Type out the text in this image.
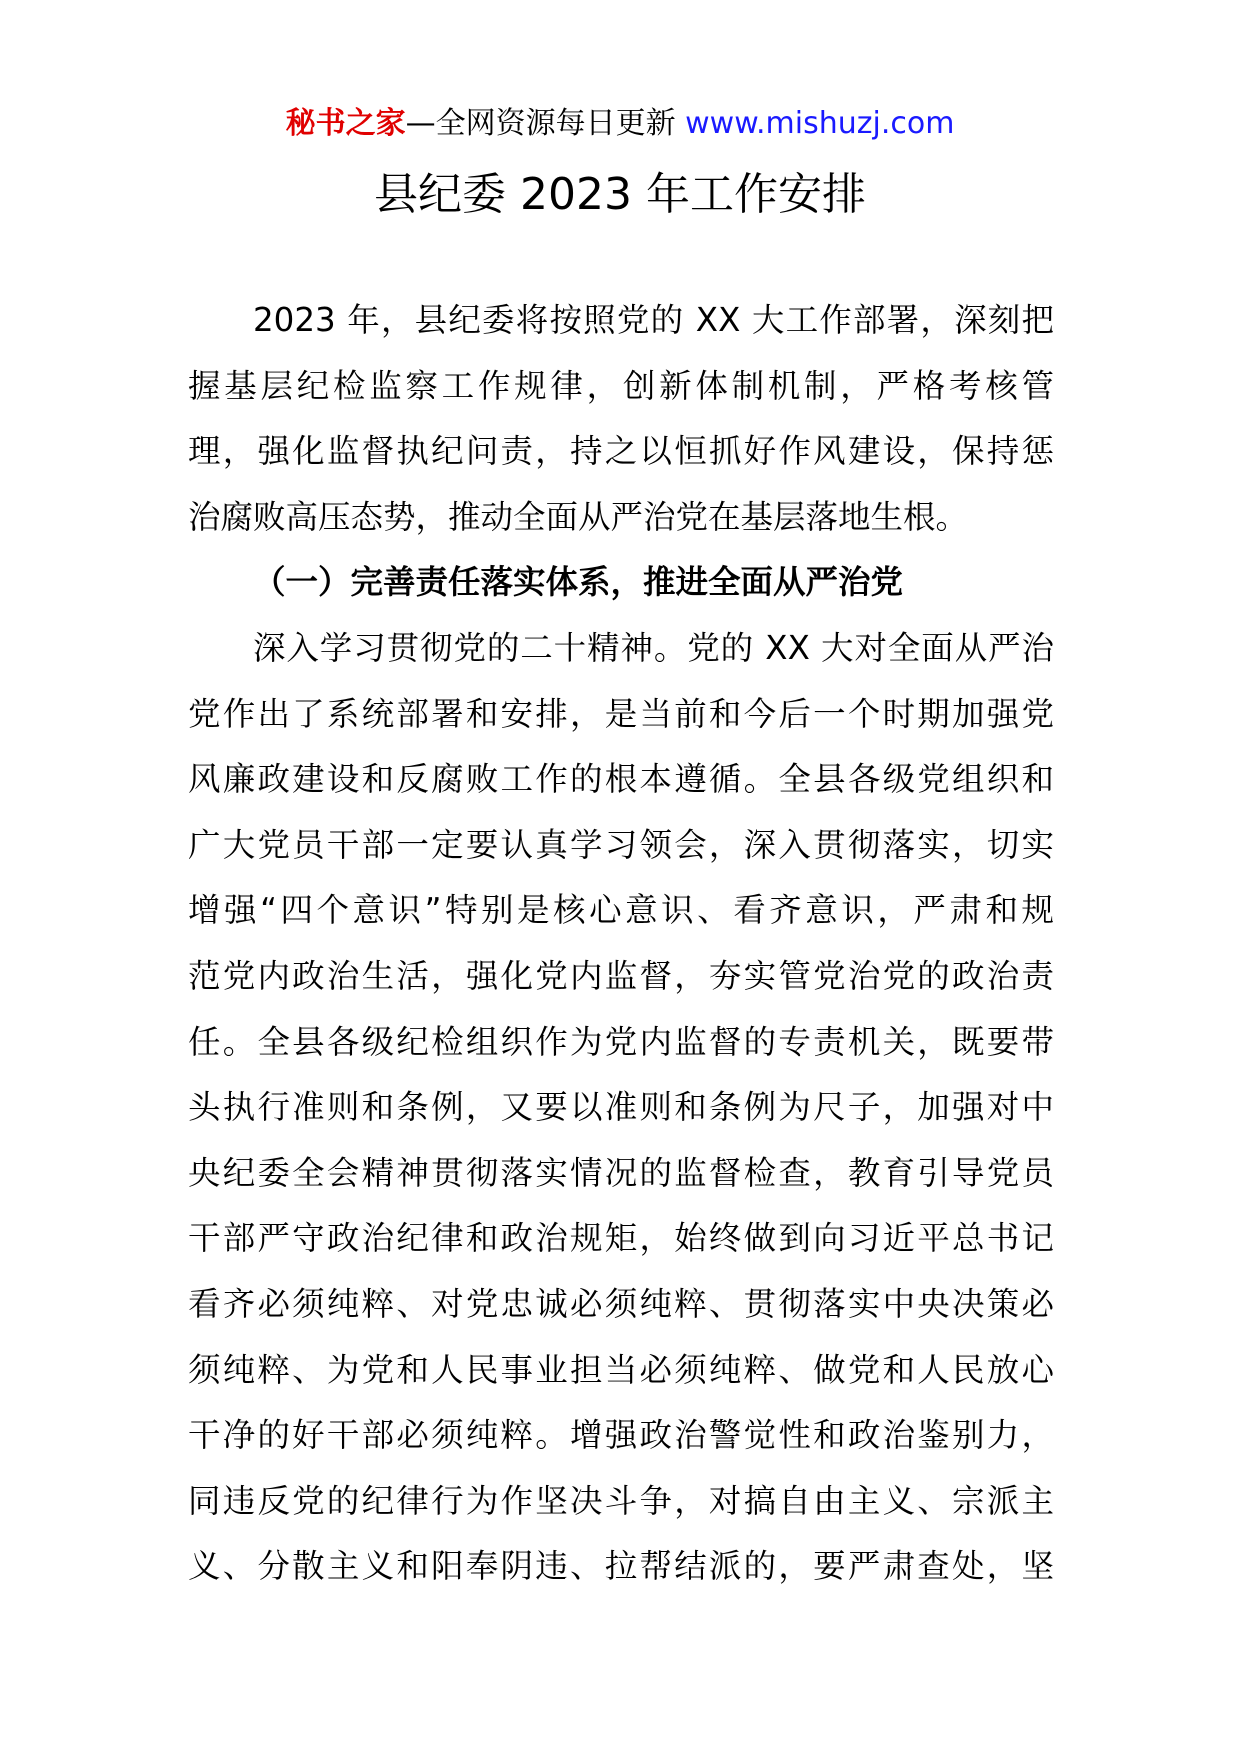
秘书之家—全网资源每日更新 www.mishuzj.com
县纪委 2023 年工作安排
2023 年，县纪委将按照党的 XX 大工作部署，深刻把
握基层纪检监察工作规律，创新体制机制，严格考核管
理，强化监督执纪问责，持之以恒抓好作风建设，保持惩
治腐败高压态势，推动全面从严治党在基层落地生根。
（一）完善责任落实体系，推进全面从严治党
深入学习贯彻党的二十精神。党的 XX 大对全面从严治
党作出了系统部署和安排，是当前和今后一个时期加强党
风廉政建设和反腐败工作的根本遵循。全县各级党组织和
广大党员干部一定要认真学习领会，深入贯彻落实，切实
增强“四个意识”特别是核心意识、看齐意识，严肃和规
范党内政治生活，强化党内监督，夯实管党治党的政治责
任。全县各级纪检组织作为党内监督的专责机关，既要带
头执行准则和条例，又要以准则和条例为尺子，加强对中
央纪委全会精神贯彻落实情况的监督检查，教育引导党员
干部严守政治纪律和政治规矩，始终做到向习近平总书记
看齐必须纯粹、对党忠诚必须纯粹、贯彻落实中央决策必
须纯粹、为党和人民事业担当必须纯粹、做党和人民放心
干净的好干部必须纯粹。增强政治警觉性和政治鉴别力，
同违反党的纪律行为作坚决斗争，对搞自由主义、宗派主
义、分散主义和阳奉阴违、拉帮结派的，要严肃查处，坚
